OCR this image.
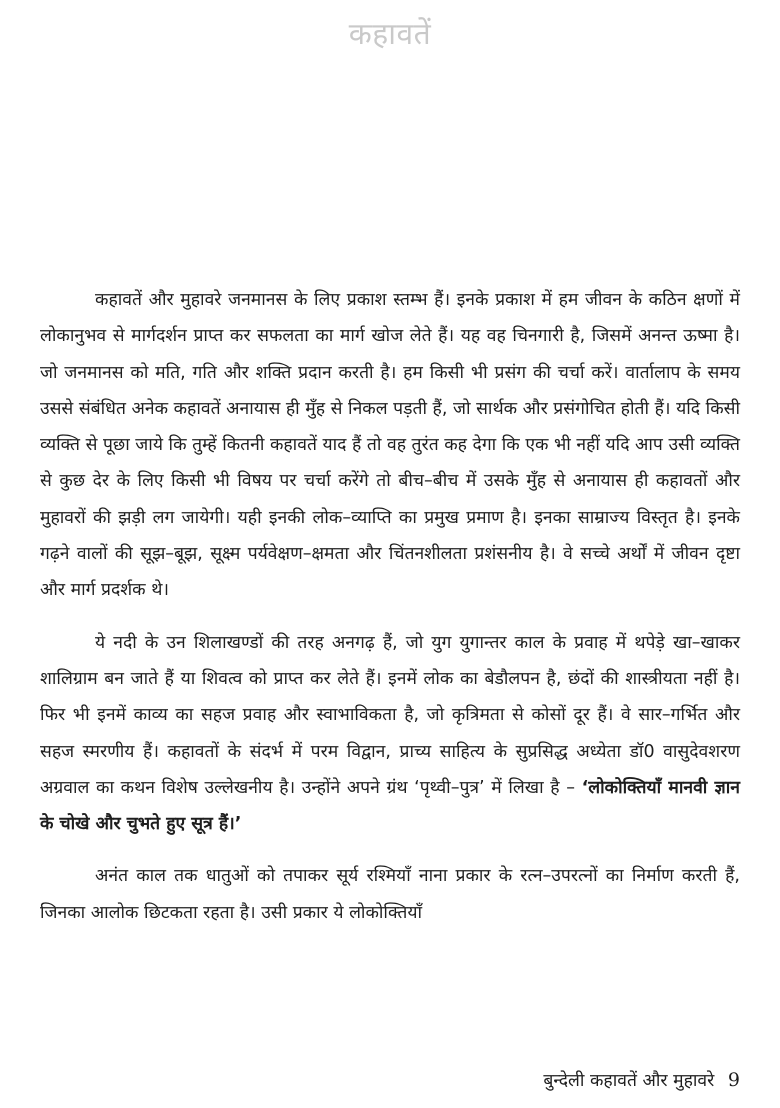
कहावतें

कहावतें और मुहावरे जनमानस के लिए प्रकाश स्तम्भ हैं। इनके प्रकाश में हम जीवन के कठिन क्षणों में लोकानुभव से मार्गदर्शन प्राप्त कर सफलता का मार्ग खोज लेते हैं। यह वह चिनगारी है, जिसमें अनन्त ऊष्मा है। जो जनमानस को मति, गति और शक्ति प्रदान करती है। हम किसी भी प्रसंग की चर्चा करें। वार्तालाप के समय उससे संबंधित अनेक कहावतें अनायास ही मुँह से निकल पड़ती हैं, जो सार्थक और प्रसंगोचित होती हैं। यदि किसी व्यक्ति से पूछा जाये कि तुम्हें कितनी कहावतें याद हैं तो वह तुरंत कह देगा कि एक भी नहीं यदि आप उसी व्यक्ति से कुछ देर के लिए किसी भी विषय पर चर्चा करेंगे तो बीच–बीच में उसके मुँह से अनायास ही कहावतों और मुहावरों की झड़ी लग जायेगी। यही इनकी लोक–व्याप्ति का प्रमुख प्रमाण है। इनका साम्राज्य विस्तृत है। इनके गढ़ने वालों की सूझ–बूझ, सूक्ष्म पर्यवेक्षण–क्षमता और चिंतनशीलता प्रशंसनीय है। वे सच्चे अर्थों में जीवन दृष्टा और मार्ग प्रदर्शक थे।

ये नदी के उन शिलाखण्डों की तरह अनगढ़ हैं, जो युग युगान्तर काल के प्रवाह में थपेड़े खा–खाकर शालिग्राम बन जाते हैं या शिवत्व को प्राप्त कर लेते हैं। इनमें लोक का बेडौलपन है, छंदों की शास्त्रीयता नहीं है। फिर भी इनमें काव्य का सहज प्रवाह और स्वाभाविकता है, जो कृत्रिमता से कोसों दूर हैं। वे सार–गर्भित और सहज स्मरणीय हैं। कहावतों के संदर्भ में परम विद्वान, प्राच्य साहित्य के सुप्रसिद्ध अध्येता डॉ0 वासुदेवशरण अग्रवाल का कथन विशेष उल्लेखनीय है। उन्होंने अपने ग्रंथ ‘पृथ्वी–पुत्र’ में लिखा है – ‘लोकोक्तियाँ मानवी ज्ञान के चोखे और चुभते हुए सूत्र हैं।’

अनंत काल तक धातुओं को तपाकर सूर्य रश्मियाँ नाना प्रकार के रत्न–उपरत्नों का निर्माण करती हैं, जिनका आलोक छिटकता रहता है। उसी प्रकार ये लोकोक्तियाँ

बुन्देली कहावतें और मुहावरे 9
